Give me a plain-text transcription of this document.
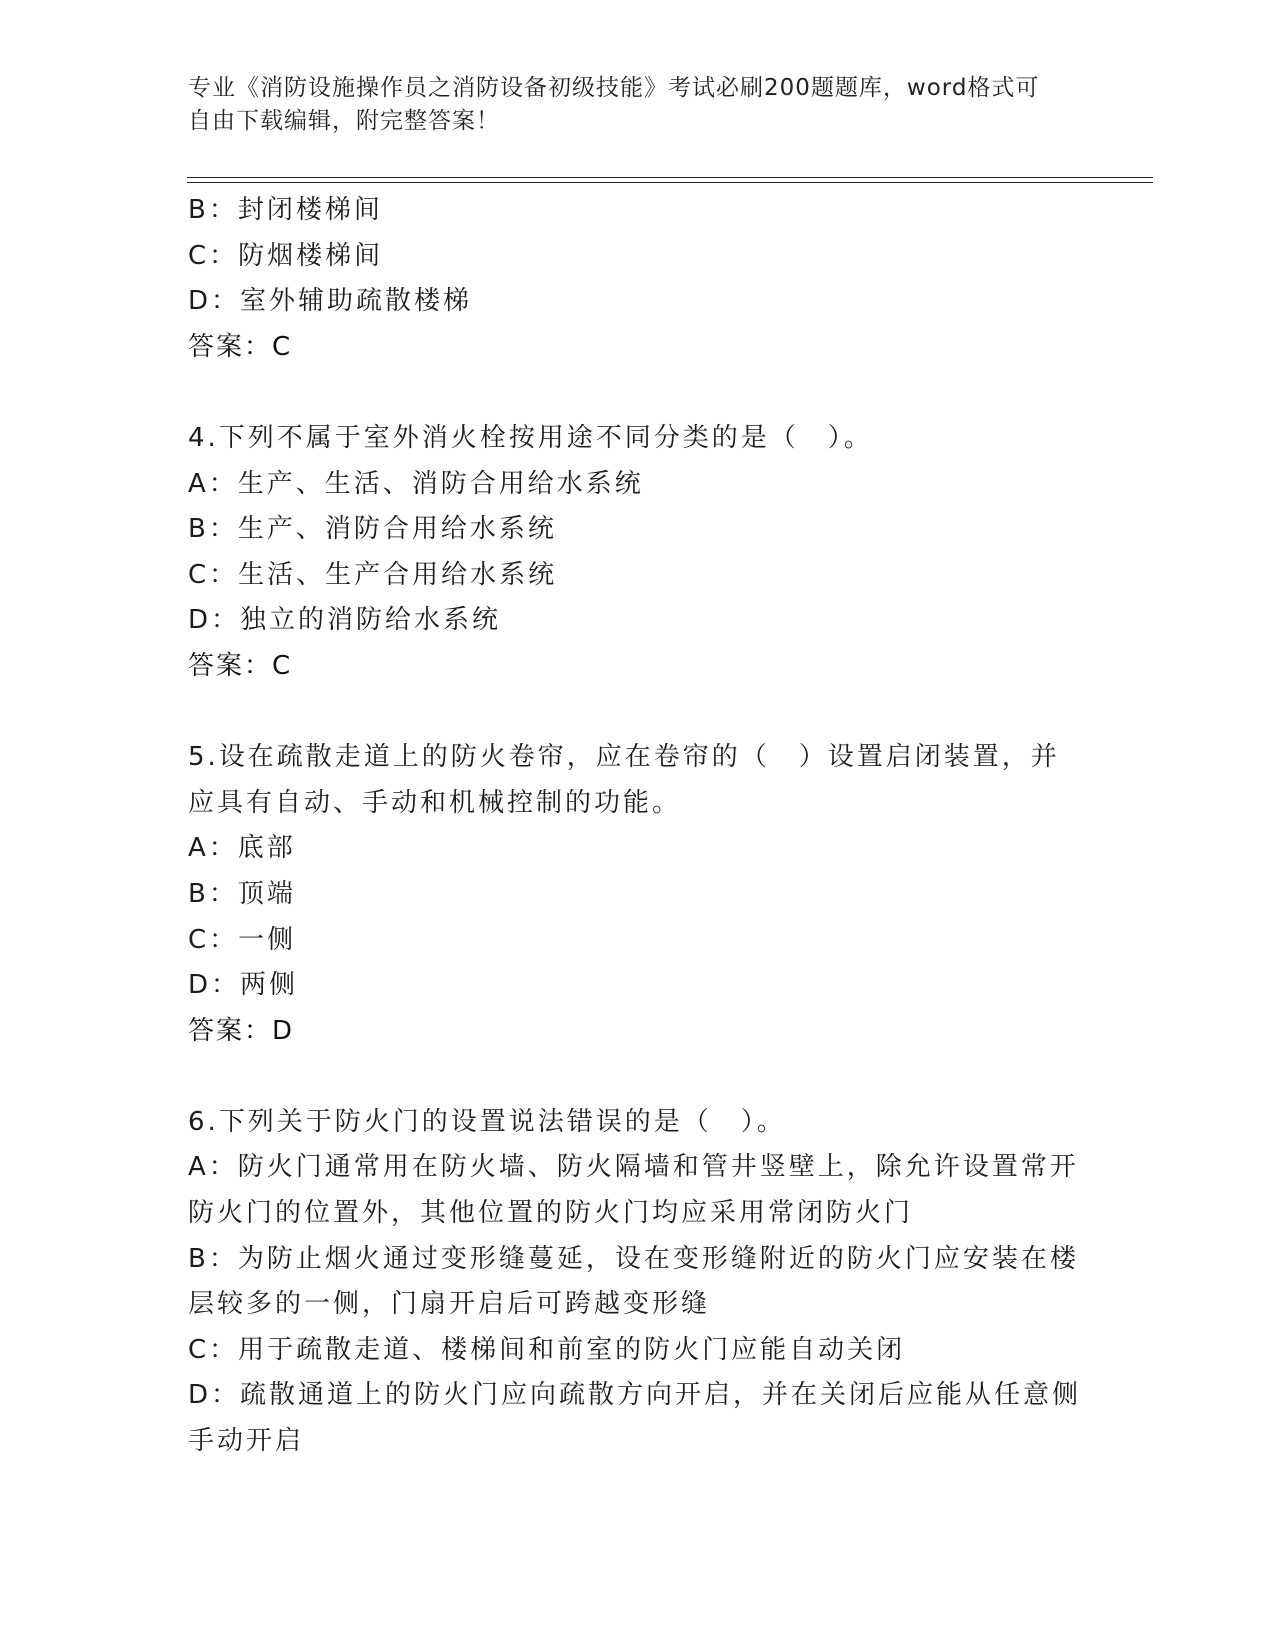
专业《消防设施操作员之消防设备初级技能》考试必刷200题题库，word格式可
自由下载编辑，附完整答案！
B：封闭楼梯间
C：防烟楼梯间
D：室外辅助疏散楼梯
答案：C
4.下列不属于室外消火栓按用途不同分类的是（　）。
A：生产、生活、消防合用给水系统
B：生产、消防合用给水系统
C：生活、生产合用给水系统
D：独立的消防给水系统
答案：C
5.设在疏散走道上的防火卷帘，应在卷帘的（　）设置启闭装置，并
应具有自动、手动和机械控制的功能。
A：底部
B：顶端
C：一侧
D：两侧
答案：D
6.下列关于防火门的设置说法错误的是（　）。
A：防火门通常用在防火墙、防火隔墙和管井竖壁上，除允许设置常开
防火门的位置外，其他位置的防火门均应采用常闭防火门
B：为防止烟火通过变形缝蔓延，设在变形缝附近的防火门应安装在楼
层较多的一侧，门扇开启后可跨越变形缝
C：用于疏散走道、楼梯间和前室的防火门应能自动关闭
D：疏散通道上的防火门应向疏散方向开启，并在关闭后应能从任意侧
手动开启
